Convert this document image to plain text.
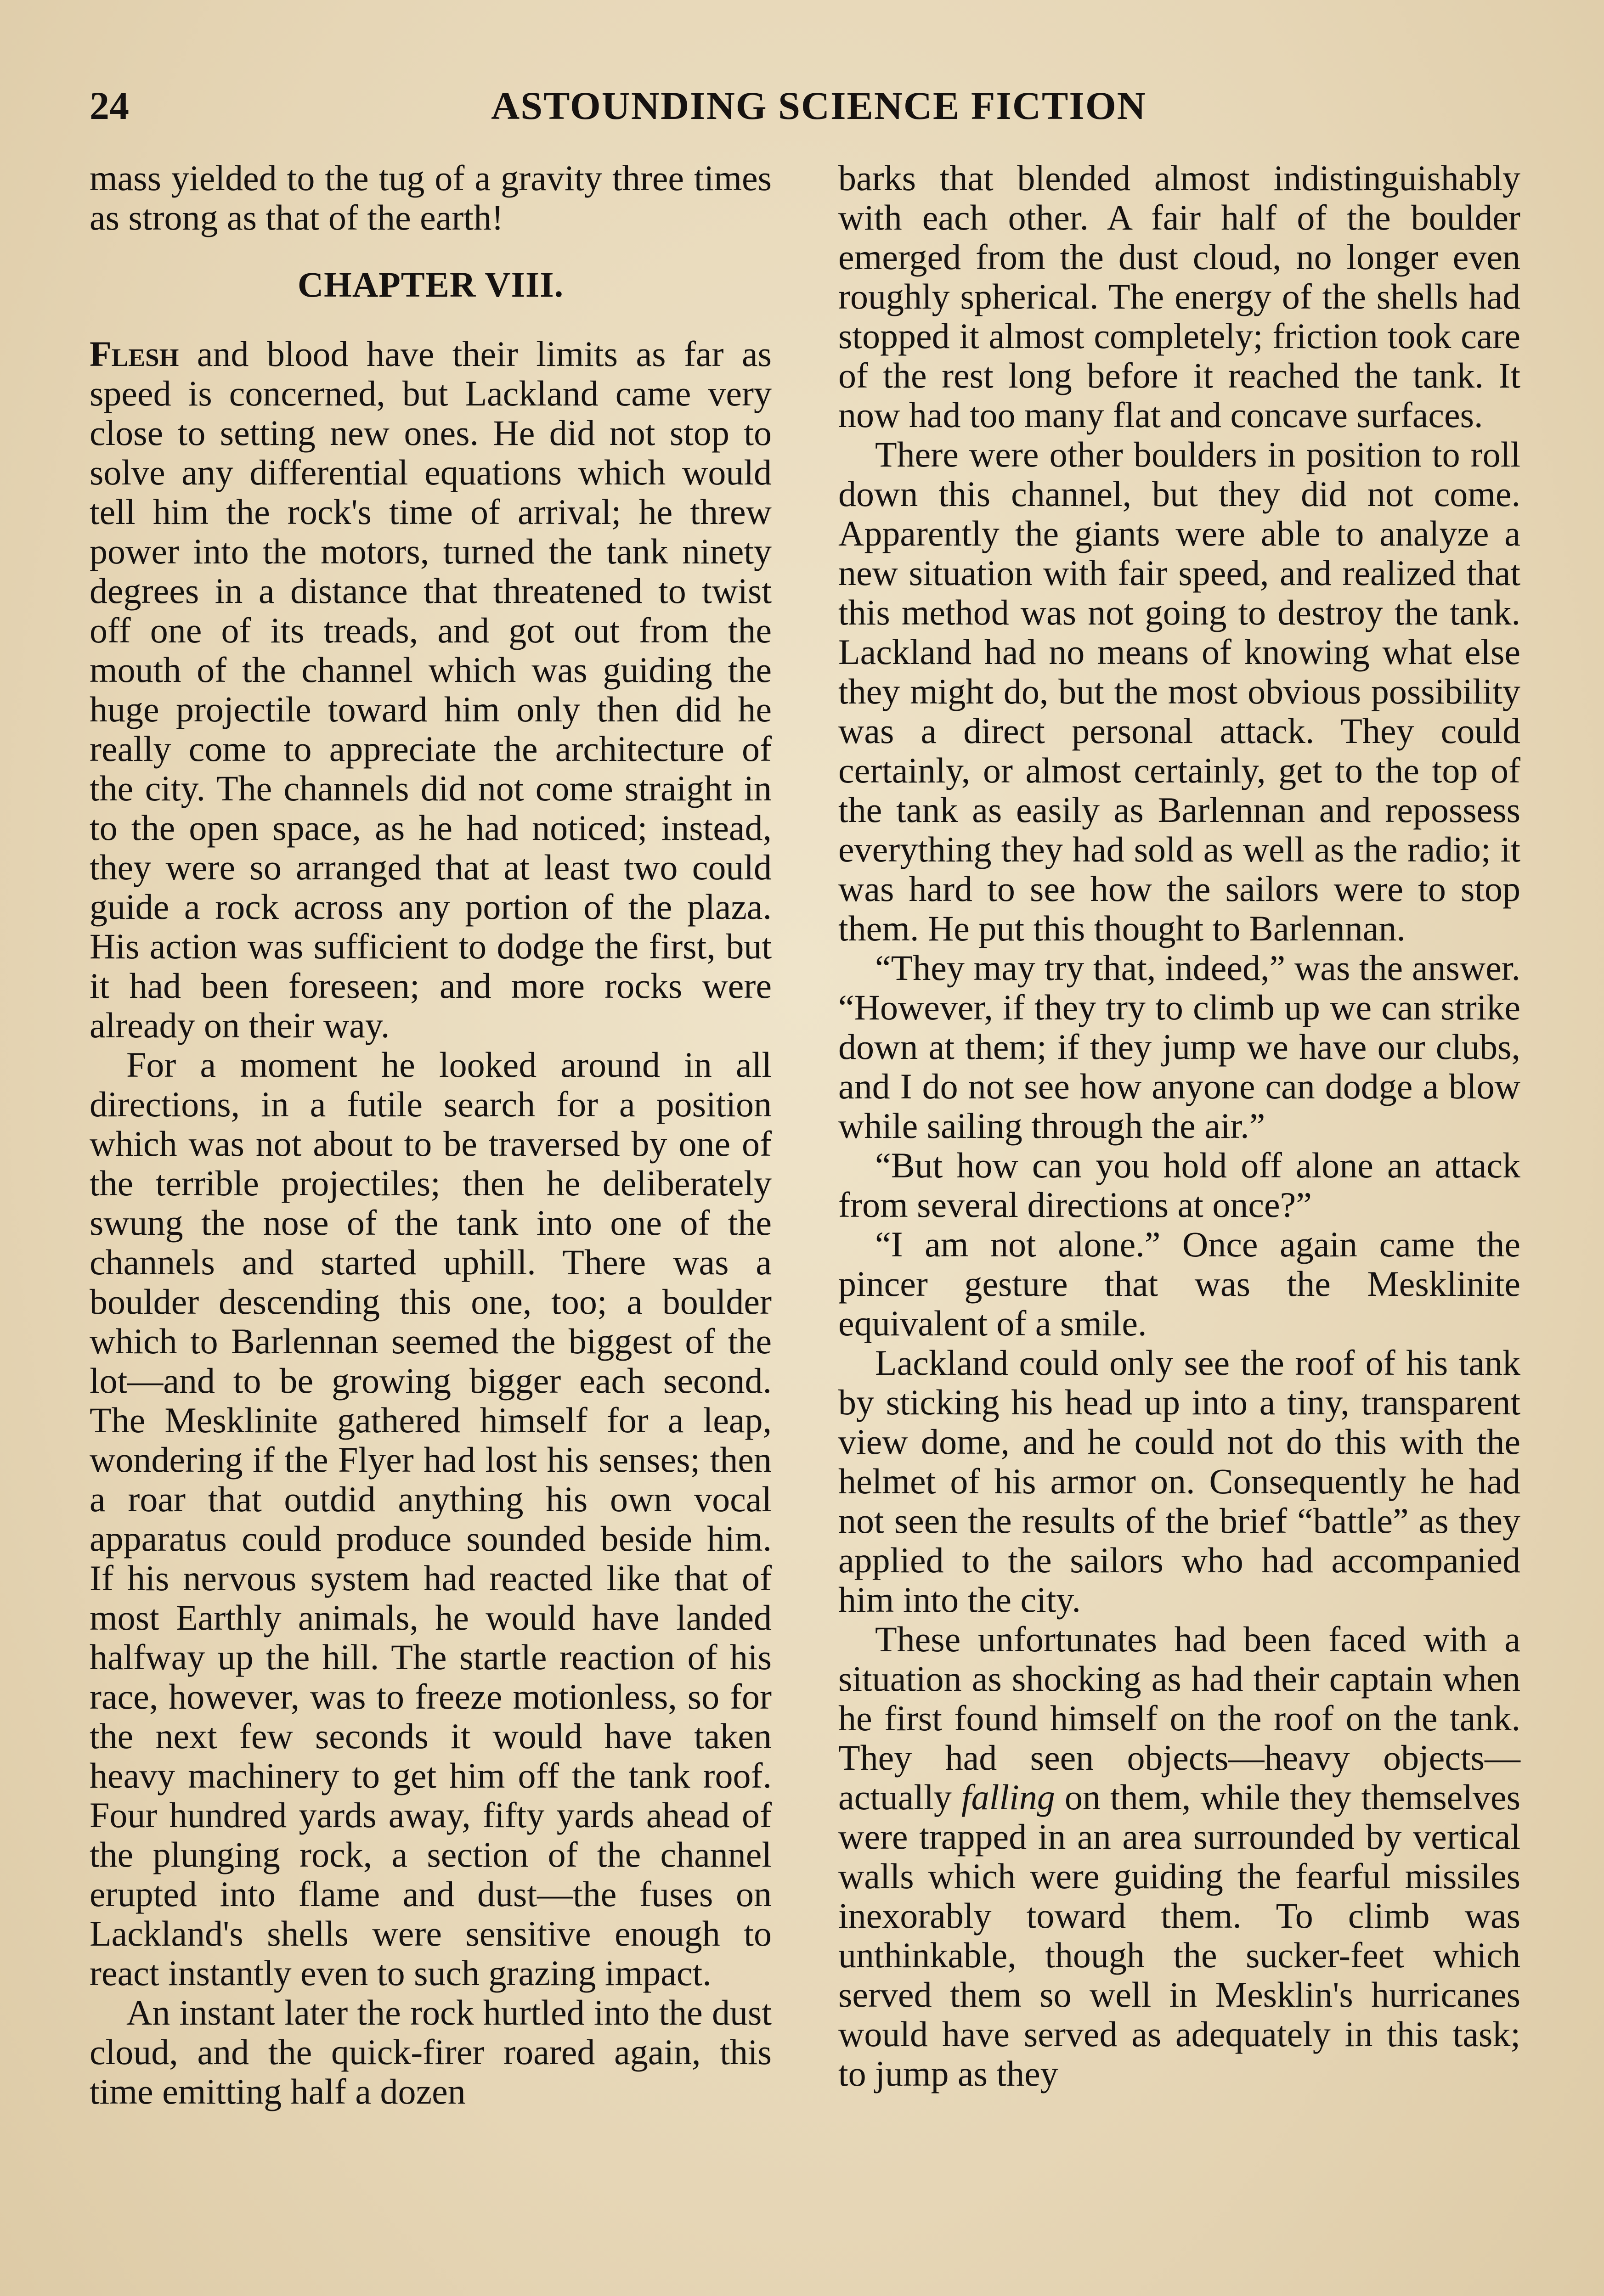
24	ASTOUNDING SCIENCE FICTION

mass yielded to the tug of a gravity three times as strong as that of the earth!

CHAPTER VIII.

Flesh and blood have their limits as far as speed is concerned, but Lackland came very close to setting new ones. He did not stop to solve any differential equations which would tell him the rock's time of arrival; he threw power into the motors, turned the tank ninety degrees in a distance that threatened to twist off one of its treads, and got out from the mouth of the channel which was guiding the huge projectile toward him only then did he really come to appreciate the architecture of the city. The channels did not come straight in to the open space, as he had noticed; instead, they were so arranged that at least two could guide a rock across any portion of the plaza. His action was sufficient to dodge the first, but it had been foreseen; and more rocks were already on their way.

For a moment he looked around in all directions, in a futile search for a position which was not about to be traversed by one of the terrible projectiles; then he deliberately swung the nose of the tank into one of the channels and started uphill. There was a boulder descending this one, too; a boulder which to Barlennan seemed the biggest of the lot—and to be growing bigger each second. The Mesklinite gathered himself for a leap, wondering if the Flyer had lost his senses; then a roar that outdid anything his own vocal apparatus could produce sounded beside him. If his nervous system had reacted like that of most Earthly animals, he would have landed halfway up the hill. The startle reaction of his race, however, was to freeze motionless, so for the next few seconds it would have taken heavy machinery to get him off the tank roof. Four hundred yards away, fifty yards ahead of the plunging rock, a section of the channel erupted into flame and dust—the fuses on Lackland's shells were sensitive enough to react instantly even to such grazing impact.

An instant later the rock hurtled into the dust cloud, and the quick-firer roared again, this time emitting half a dozen

barks that blended almost indistinguishably with each other. A fair half of the boulder emerged from the dust cloud, no longer even roughly spherical. The energy of the shells had stopped it almost completely; friction took care of the rest long before it reached the tank. It now had too many flat and concave surfaces.

There were other boulders in position to roll down this channel, but they did not come. Apparently the giants were able to analyze a new situation with fair speed, and realized that this method was not going to destroy the tank. Lackland had no means of knowing what else they might do, but the most obvious possibility was a direct personal attack. They could certainly, or almost certainly, get to the top of the tank as easily as Barlennan and repossess everything they had sold as well as the radio; it was hard to see how the sailors were to stop them. He put this thought to Barlennan.

“They may try that, indeed,” was the answer. “However, if they try to climb up we can strike down at them; if they jump we have our clubs, and I do not see how anyone can dodge a blow while sailing through the air.”

“But how can you hold off alone an attack from several directions at once?”

“I am not alone.” Once again came the pincer gesture that was the Mesklinite equivalent of a smile.

Lackland could only see the roof of his tank by sticking his head up into a tiny, transparent view dome, and he could not do this with the helmet of his armor on. Consequently he had not seen the results of the brief “battle” as they applied to the sailors who had accompanied him into the city.

These unfortunates had been faced with a situation as shocking as had their captain when he first found himself on the roof on the tank. They had seen objects—heavy objects—actually falling on them, while they themselves were trapped in an area surrounded by vertical walls which were guiding the fearful missiles inexorably toward them. To climb was unthinkable, though the sucker-feet which served them so well in Mesklin's hurricanes would have served as adequately in this task; to jump as they
